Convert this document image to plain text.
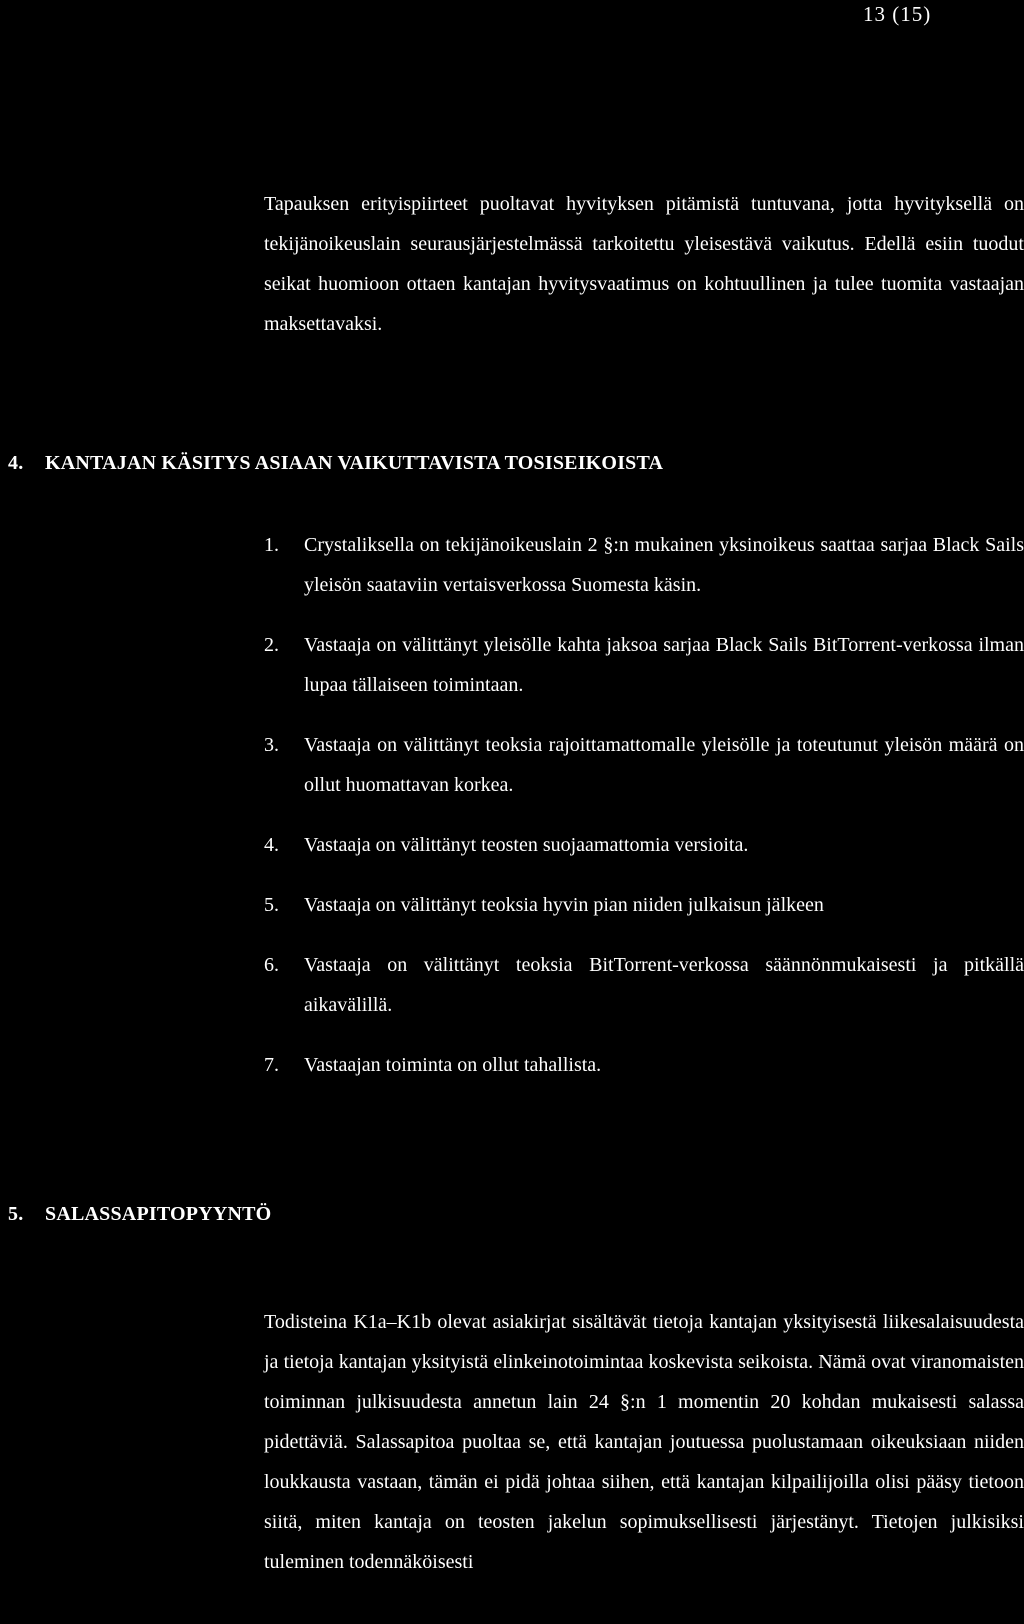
13 (15)

Tapauksen erityispiirteet puoltavat hyvityksen pitämistä tuntuvana, jotta hyvityksellä on tekijänoikeuslain seurausjärjestelmässä tarkoitettu yleisestävä vaikutus. Edellä esiin tuodut seikat huomioon ottaen kantajan hyvitysvaatimus on kohtuullinen ja tulee tuomita vastaajan maksettavaksi.

4. KANTAJAN KÄSITYS ASIAAN VAIKUTTAVISTA TOSISEIKOISTA
1. Crystaliksella on tekijänoikeuslain 2 §:n mukainen yksinoikeus saattaa sarjaa Black Sails yleisön saataviin vertaisverkossa Suomesta käsin.
2. Vastaaja on välittänyt yleisölle kahta jaksoa sarjaa Black Sails BitTorrent-verkossa ilman lupaa tällaiseen toimintaan.
3. Vastaaja on välittänyt teoksia rajoittamattomalle yleisölle ja toteutunut yleisön määrä on ollut huomattavan korkea.
4. Vastaaja on välittänyt teosten suojaamattomia versioita.
5. Vastaaja on välittänyt teoksia hyvin pian niiden julkaisun jälkeen
6. Vastaaja on välittänyt teoksia BitTorrent-verkossa säännönmukaisesti ja pitkällä aikavälillä.
7. Vastaajan toiminta on ollut tahallista.
5. SALASSAPITOPYYNTÖ

Todisteina K1a–K1b olevat asiakirjat sisältävät tietoja kantajan yksityisestä liikesalaisuudesta ja tietoja kantajan yksityistä elinkeinotoimintaa koskevista seikoista. Nämä ovat viranomaisten toiminnan julkisuudesta annetun lain 24 §:n 1 momentin 20 kohdan mukaisesti salassa pidettäviä. Salassapitoa puoltaa se, että kantajan joutuessa puolustamaan oikeuksiaan niiden loukkausta vastaan, tämän ei pidä johtaa siihen, että kantajan kilpailijoilla olisi pääsy tietoon siitä, miten kantaja on teosten jakelun sopimuksellisesti järjestänyt. Tietojen julkisiksi tuleminen todennäköisesti
